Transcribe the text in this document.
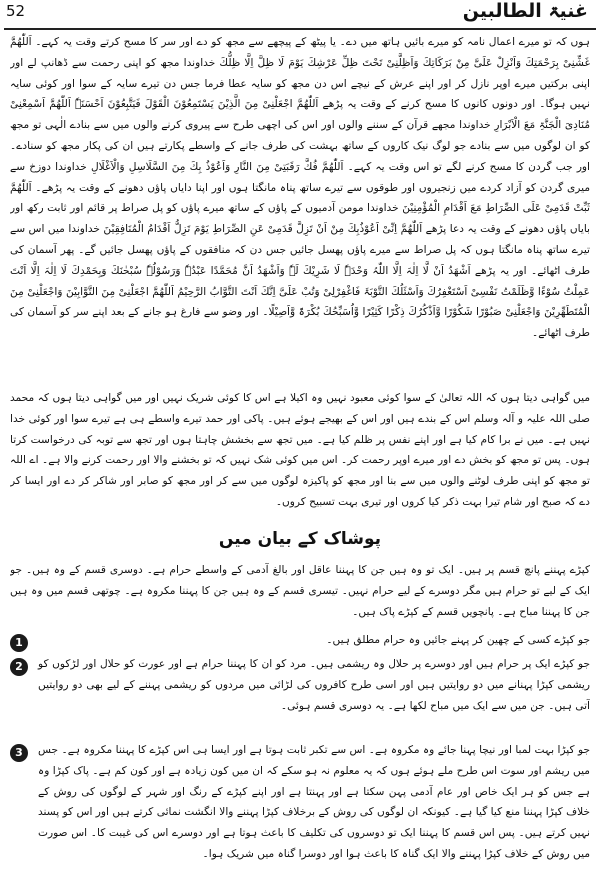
52	غنیۃ الطالبین

ہوں کہ تو میرے اعمال نامہ کو میرے بائیں ہاتھ میں دے۔ یا پیٹھ کے پیچھے سے مجھ کو دے اور سر کا مسح کرتے وقت یہ کہے۔ اَللّٰھُمَّ غَشِّنِیْ بِرَحْمَتِكَ وَاَنْزِلْ عَلَیَّ مِنْ بَرَكَاتِكَ وَاَظِلَّنِیْ تَحْتَ ظِلِّ عَرْشِكَ یَوْمَ لَا ظِلَّ اِلَّا ظِلُّكَ خداوندا مجھ کو اپنی رحمت سے ڈھانپ لے اور اپنی برکتیں میرے اوپر نازل کر اور اپنے عرش کے نیچے اس دن مجھ کو سایہ عطا فرما جس دن تیرے سایہ کے سوا اور کوئی سایہ نہیں ہوگا۔ اور دونوں کانوں کا مسح کرنے کے وقت یہ پڑھے اَللّٰھُمَّ اجْعَلْنِیْ مِنَ الَّذِیْنَ یَسْتَمِعُوْنَ الْقَوْلَ فَیَتَّبِعُوْنَ اَحْسَنَہٗ اَللّٰھُمَّ اَسْمِعْنِیْ مُنَادِیَ الْجَنَّۃِ مَعَ الْاَبْرَارِ خداوندا مجھے قرآن کے سننے والوں اور اس کی اچھی طرح سے پیروی کرنے والوں میں سے بنادے الٰہی تو مجھ کو ان لوگوں میں سے بنادے جو لوگ نیک کاروں کے ساتھ بہشت کی طرف جانے کے واسطے پکارتے ہیں ان کی پکار مجھ کو سنادے۔ اور جب گردن کا مسح کرنے لگے تو اس وقت یہ کہے۔ اَللّٰھُمَّ فُكَّ رَقَبَتِیْ مِنَ النَّارِ وَاَعُوْذُ بِكَ مِنَ السَّلَاسِلِ وَالْاَغْلَالِ خداوندا دوزخ سے میری گردن کو آزاد کردے میں زنجیروں اور طوقوں سے تیرے ساتھ پناہ مانگتا ہوں اور اپنا دایاں پاؤں دھونے کے وقت یہ پڑھے۔ اَللّٰھُمَّ ثَبِّتْ قَدَمِیْ عَلَی الصِّرَاطِ مَعَ اَقْدَامِ الْمُؤْمِنِیْنَ خداوندا مومن آدمیوں کے پاؤں کے ساتھ میرے پاؤں کو پل صراط پر قائم اور ثابت رکھ اور بایاں پاؤں دھونے کے وقت یہ دعا پڑھے اَللّٰھُمَّ اِنِّیْ اَعُوْذُبِكَ مِنْ اَنْ تَزِلَّ قَدَمِیْ عَنِ الصِّرَاطِ یَوْمَ تَزِلُّ اَقْدَامُ الْمُنَافِقِیْنَ خداوندا میں اس سے تیرے ساتھ پناہ مانگتا ہوں کہ پل صراط سے میرے پاؤں پھسل جائیں جس دن کہ منافقوں کے پاؤں پھسل جائیں گے۔ پھر آسمان کی طرف اٹھائے۔ اور یہ پڑھے اَشْھَدُ اَنْ لَّا اِلٰہَ اِلَّا اللّٰہُ وَحْدَہٗ لَا شَرِیْكَ لَہٗ وَاَشْھَدُ اَنَّ مُحَمَّدًا عَبْدُہٗ وَرَسُوْلُہٗ سُبْحٰنَكَ وَبِحَمْدِكَ لَا اِلٰہَ اِلَّا اَنْتَ عَمِلْتُ سُوْءًا وَّظَلَمْتُ نَفْسِیْ اَسْتَغْفِرُكَ وَاَسْئَلُكَ التَّوْبَۃَ فَاغْفِرْلِیْ وَتُبْ عَلَیَّ اِنَّكَ اَنْتَ التَّوَّابُ الرَّحِیْمُ اَللّٰھُمَّ اجْعَلْنِیْ مِنَ التَّوَّابِیْنَ وَاجْعَلْنِیْ مِنَ الْمُتَطَھِّرِیْنَ وَاجْعَلْنِیْ صَبُوْرًا شَكُوْرًا وَّاَذْكُرُكَ ذِكْرًا كَثِیْرًا وَّاُسَبِّحُكَ بُكْرَۃً وَّاَصِیْلًا۔ اور وضو سے فارغ ہو جانے کے بعد اپنے سر کو آسمان کی طرف اٹھائے۔

میں گواہی دیتا ہوں کہ اللہ تعالیٰ کے سوا کوئی معبود نہیں وہ اکیلا ہے اس کا کوئی شریک نہیں اور میں گواہی دیتا ہوں کہ محمد صلی اللہ علیہ و آلہ وسلم اس کے بندے ہیں اور اس کے بھیجے ہوئے ہیں۔ پاکی اور حمد تیرے واسطے ہی ہے تیرے سوا اور کوئی خدا نہیں ہے۔ میں نے برا کام کیا ہے اور اپنے نفس پر ظلم کیا ہے۔ میں تجھ سے بخشش چاہتا ہوں اور تجھ سے توبہ کی درخواست کرتا ہوں۔ پس تو مجھ کو بخش دے اور میرے اوپر رحمت کر۔ اس میں کوئی شک نہیں کہ تو بخشنے والا اور رحمت کرنے والا ہے۔ اے اللہ تو مجھ کو اپنی طرف لوٹنے والوں میں سے بنا اور مجھ کو پاکیزہ لوگوں میں سے کر اور مجھ کو صابر اور شاکر کر دے اور ایسا کر دے کہ صبح اور شام تیرا بہت ذکر کیا کروں اور تیری بہت تسبیح کروں۔

پوشاک کے بیان میں

کپڑے پہننے پانچ قسم پر ہیں۔ ایک تو وہ ہیں جن کا پہننا عاقل اور بالغ آدمی کے واسطے حرام ہے۔ دوسری قسم کے وہ ہیں۔ جو ایک کے لیے تو حرام ہیں مگر دوسرے کے لیے حرام نہیں۔ تیسری قسم کے وہ ہیں جن کا پہننا مکروہ ہے۔ چوتھی قسم میں وہ ہیں جن کا پہننا مباح ہے۔ پانچویں قسم کے کپڑے پاک ہیں۔

1	جو کپڑے کسی کے چھین کر پہنے جائیں وہ حرام مطلق ہیں۔
2	جو کپڑے ایک پر حرام ہیں اور دوسرے پر حلال وہ ریشمی ہیں۔ مرد کو ان کا پہننا حرام ہے اور عورت کو حلال اور لڑکوں کو ریشمی کپڑا پہنانے میں دو روایتیں ہیں اور اسی طرح کافروں کی لڑائی میں مردوں کو ریشمی پہننے کے لیے بھی دو روایتیں آتی ہیں۔ جن میں سے ایک میں مباح لکھا ہے۔ یہ دوسری قسم ہوئی۔
3	جو کپڑا بہت لمبا اور نیچا پہنا جائے وہ مکروہ ہے۔ اس سے تکبر ثابت ہوتا ہے اور ایسا ہی اس کپڑے کا پہننا مکروہ ہے۔ جس میں ریشم اور سوت اس طرح ملے ہوئے ہوں کہ یہ معلوم نہ ہو سکے کہ ان میں کون زیادہ ہے اور کون کم ہے۔ پاک کپڑا وہ ہے جس کو ہر ایک خاص اور عام آدمی پہن سکتا ہے اور پہنتا ہے اور اپنے کپڑے کے رنگ اور شہر کے لوگوں کی روش کے خلاف کپڑا پہننا منع کیا گیا ہے۔ کیونکہ ان لوگوں کی روش کے برخلاف کپڑا پہننے والا انگشت نمائی کرتے ہیں اور اس کو پسند نہیں کرتے ہیں۔ پس اس قسم کا پہننا ایک تو دوسروں کی تکلیف کا باعث ہوتا ہے اور دوسرے اس کی غیبت کا۔ اس صورت میں روش کے خلاف کپڑا پہننے والا ایک گناہ کا باعث ہوا اور دوسرا گناہ میں شریک ہوا۔
